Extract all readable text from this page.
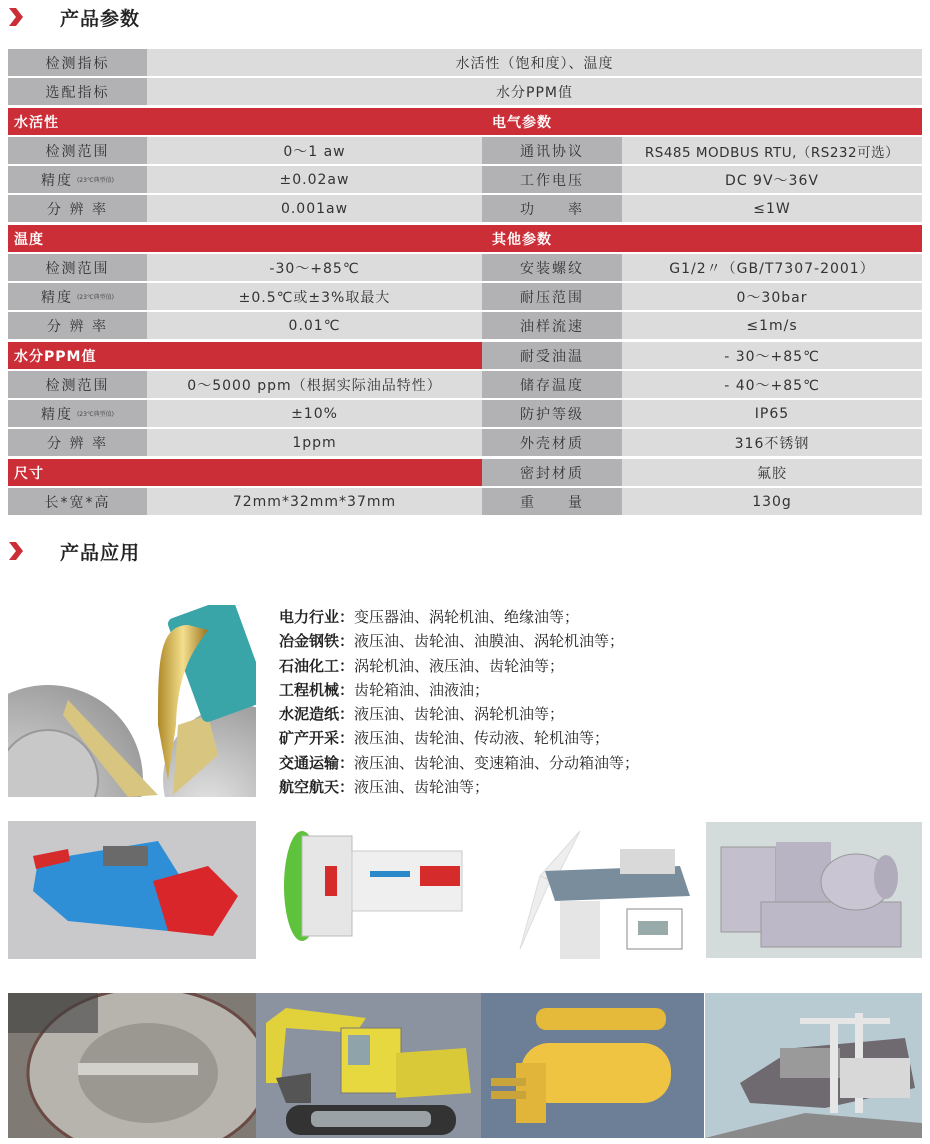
产品参数
检测指标	水活性（饱和度）、温度
选配指标	水分PPM值
水活性
检测范围	0～1 aw
精度 (23℃典型值)	±0.02aw
分 辨 率	0.001aw
温度
检测范围	-30～+85℃
精度 (23℃典型值)	±0.5℃或±3%取最大
分 辨 率	0.01℃
水分PPM值
检测范围	0～5000 ppm（根据实际油品特性）
精度 (23℃典型值)	±10%
分 辨 率	1ppm
尺寸
长*宽*高	72mm*32mm*37mm
电气参数
通讯协议	RS485 MODBUS RTU,（RS232可选）
工作电压	DC 9V～36V
功　　率	≤1W
其他参数
安装螺纹	G1/2〃（GB/T7307-2001）
耐压范围	0～30bar
油样流速	≤1m/s
耐受油温	- 30～+85℃
储存温度	- 40～+85℃
防护等级	IP65
外壳材质	316不锈钢
密封材质	氟胶
重　　量	130g
产品应用
电力行业：变压器油、涡轮机油、绝缘油等；
冶金钢铁：液压油、齿轮油、油膜油、涡轮机油等；
石油化工：涡轮机油、液压油、齿轮油等；
工程机械：齿轮箱油、油液油；
水泥造纸：液压油、齿轮油、涡轮机油等；
矿产开采：液压油、齿轮油、传动液、轮机油等；
交通运输：液压油、齿轮油、变速箱油、分动箱油等；
航空航天：液压油、齿轮油等；
